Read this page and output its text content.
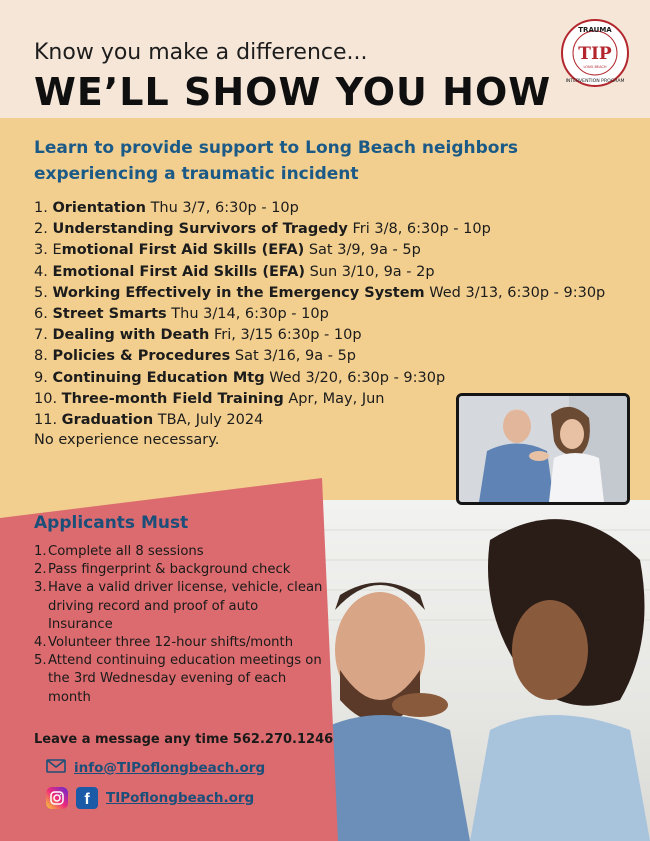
Know you make a difference...
WE’LL SHOW YOU HOW
TRAUMA
TIP
LONG BEACH
INTERVENTION PROGRAM
Learn to provide support to Long Beach neighbors experiencing a traumatic incident
1. Orientation Thu 3/7, 6:30p - 10p
2. Understanding Survivors of Tragedy Fri 3/8, 6:30p - 10p
3. Emotional First Aid Skills (EFA) Sat 3/9, 9a - 5p
4. Emotional First Aid Skills (EFA) Sun 3/10, 9a - 2p
5. Working Effectively in the Emergency System Wed 3/13, 6:30p - 9:30p
6. Street Smarts Thu 3/14, 6:30p - 10p
7. Dealing with Death Fri, 3/15 6:30p - 10p
8. Policies & Procedures Sat 3/16, 9a - 5p
9. Continuing Education Mtg Wed 3/20, 6:30p - 9:30p
10. Three-month Field Training Apr, May, Jun
11. Graduation TBA, July 2024
No experience necessary.
Applicants Must
1. Complete all 8 sessions
2. Pass fingerprint & background check
3. Have a valid driver license, vehicle, clean driving record and proof of auto Insurance
4. Volunteer three 12-hour shifts/month
5. Attend continuing education meetings on the 3rd Wednesday evening of each month
Leave a message any time 562.270.1246
info@TIPoflongbeach.org
f	TIPoflongbeach.org
